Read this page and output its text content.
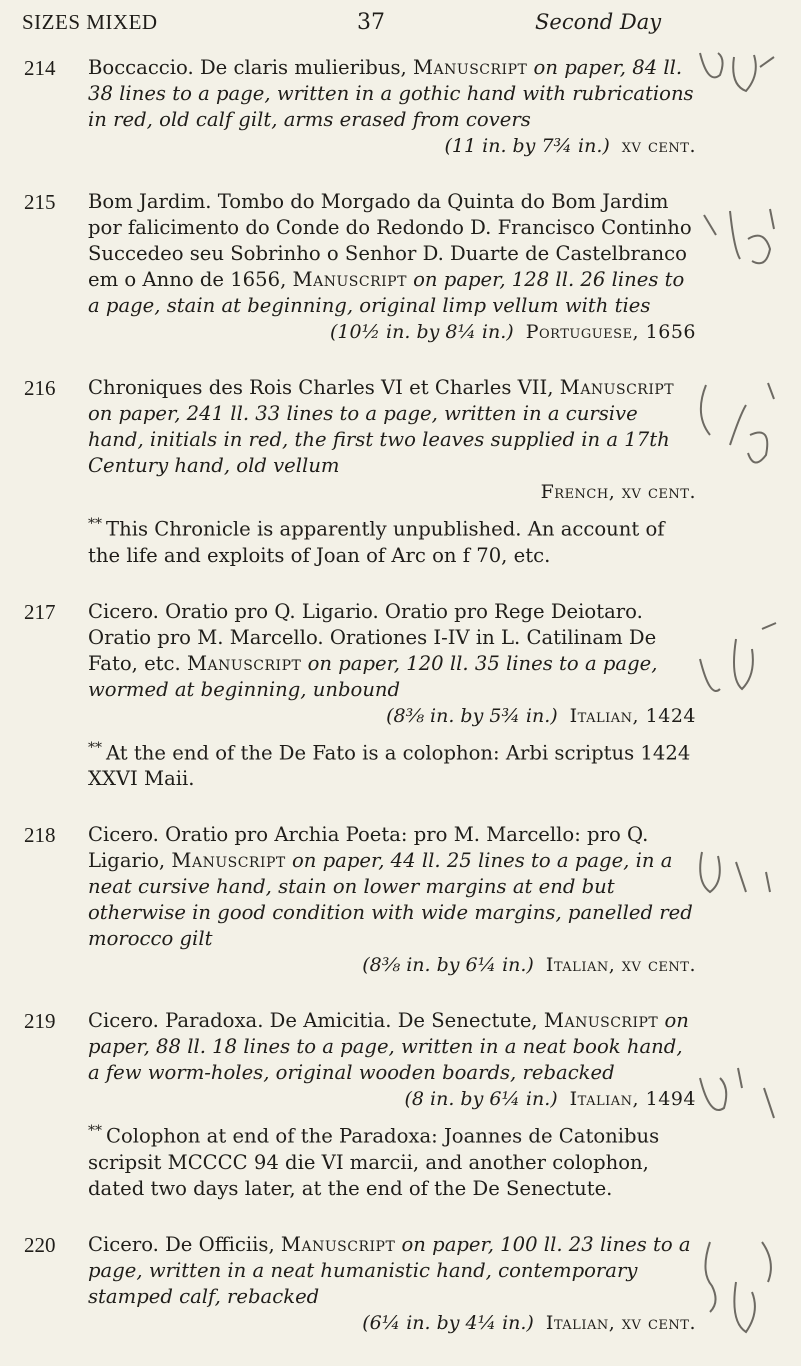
SIZES MIXED	37	Second Day
214 Boccaccio. De claris mulieribus, Manuscript on paper, 84 ll. 38 lines to a page, written in a gothic hand with rubrications in red, old calf gilt, arms erased from covers
(11 in. by 7¾ in.) xv cent.
215 Bom Jardim. Tombo do Morgado da Quinta do Bom Jardim por falicimento do Conde do Redondo D. Francisco Continho Succedeo seu Sobrinho o Senhor D. Duarte de Castelbranco em o Anno de 1656, Manuscript on paper, 128 ll. 26 lines to a page, stain at beginning, original limp vellum with ties
(10½ in. by 8¼ in.) Portuguese, 1656
216 Chroniques des Rois Charles VI et Charles VII, Manuscript on paper, 241 ll. 33 lines to a page, written in a cursive hand, initials in red, the first two leaves supplied in a 17th Century hand, old vellum
French, xv cent.
** This Chronicle is apparently unpublished. An account of the life and exploits of Joan of Arc on f 70, etc.
217 Cicero. Oratio pro Q. Ligario. Oratio pro Rege Deiotaro. Oratio pro M. Marcello. Orationes I-IV in L. Catilinam De Fato, etc. Manuscript on paper, 120 ll. 35 lines to a page, wormed at beginning, unbound
(8⅜ in. by 5¾ in.) Italian, 1424
** At the end of the De Fato is a colophon: Arbi scriptus 1424 XXVI Maii.
218 Cicero. Oratio pro Archia Poeta: pro M. Marcello: pro Q. Ligario, Manuscript on paper, 44 ll. 25 lines to a page, in a neat cursive hand, stain on lower margins at end but otherwise in good condition with wide margins, panelled red morocco gilt
(8⅜ in. by 6¼ in.) Italian, xv cent.
219 Cicero. Paradoxa. De Amicitia. De Senectute, Manuscript on paper, 88 ll. 18 lines to a page, written in a neat book hand, a few worm-holes, original wooden boards, rebacked
(8 in. by 6¼ in.) Italian, 1494
** Colophon at end of the Paradoxa: Joannes de Catonibus scripsit MCCCC 94 die VI marcii, and another colophon, dated two days later, at the end of the De Senectute.
220 Cicero. De Officiis, Manuscript on paper, 100 ll. 23 lines to a page, written in a neat humanistic hand, contemporary stamped calf, rebacked
(6¼ in. by 4¼ in.) Italian, xv cent.
